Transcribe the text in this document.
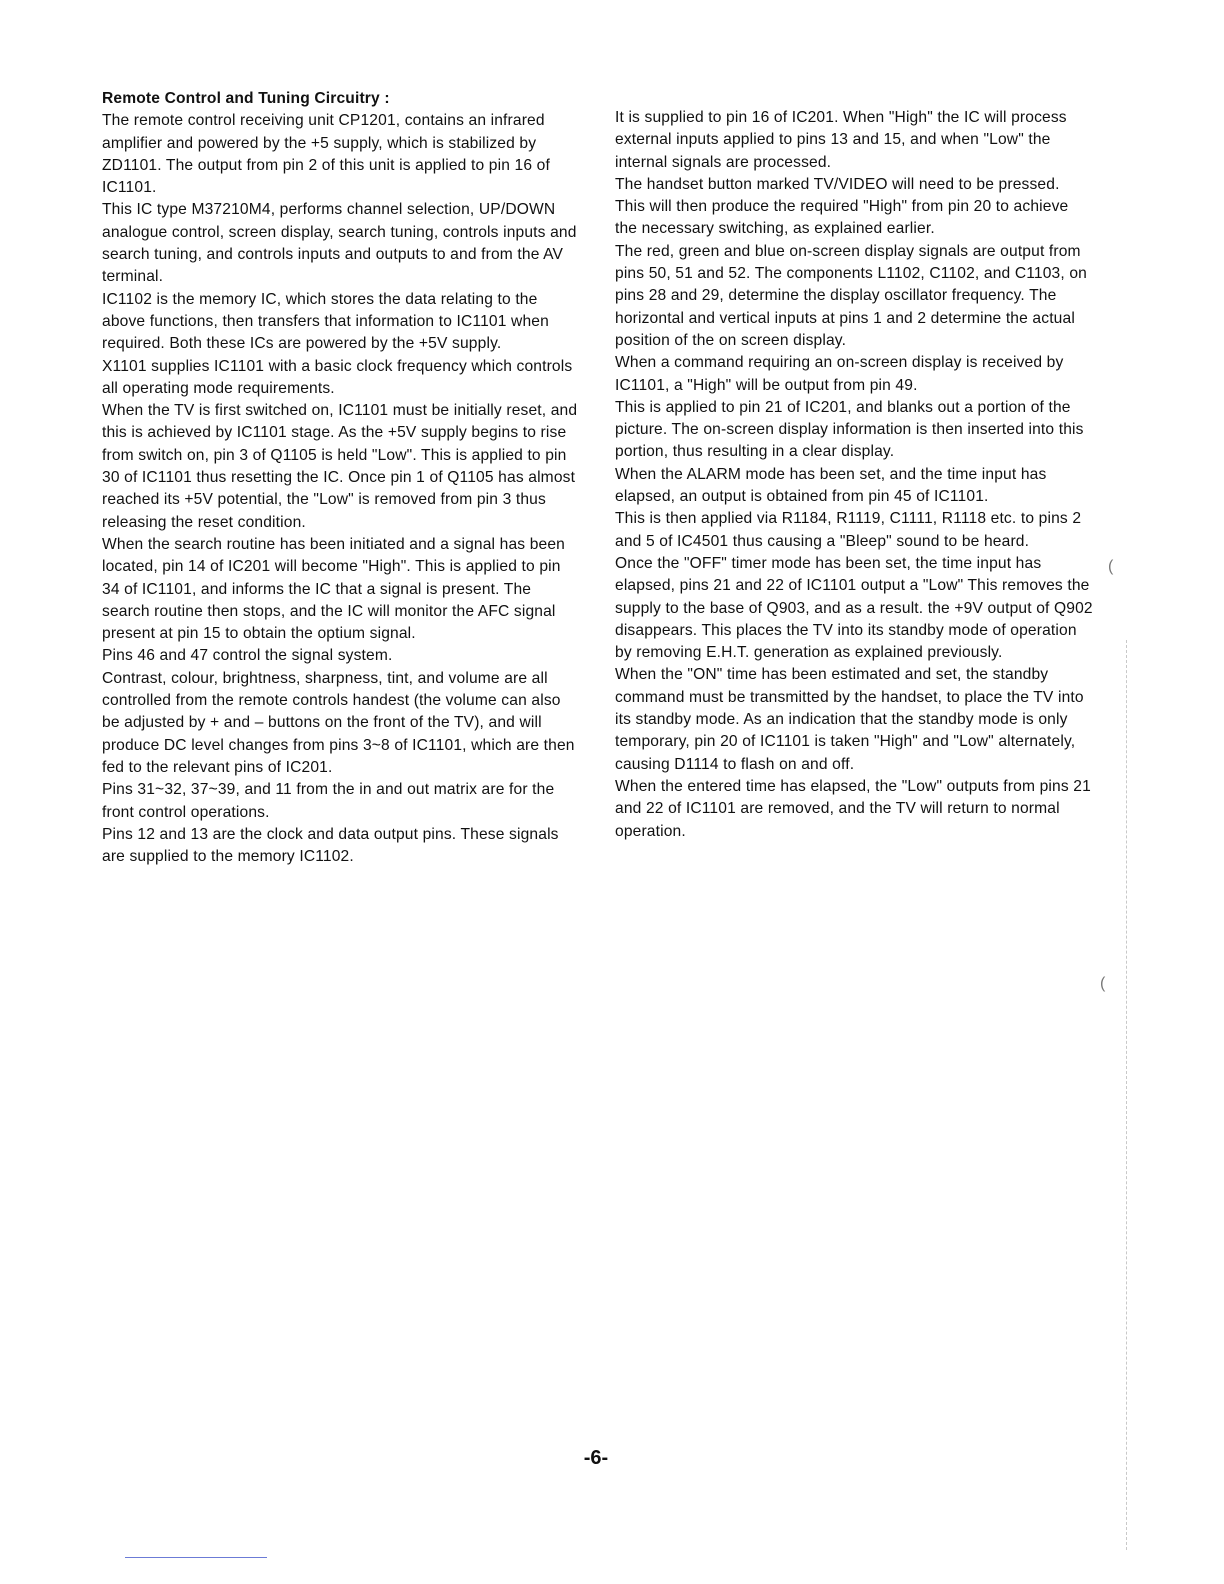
Remote Control and Tuning Circuitry :

The remote control receiving unit CP1201, contains an infrared amplifier and powered by the +5 supply, which is stabilized by ZD1101. The output from pin 2 of this unit is applied to pin 16 of IC1101.

This IC type M37210M4, performs channel selection, UP/DOWN analogue control, screen display, search tuning, controls inputs and search tuning, and controls inputs and outputs to and from the AV terminal.

IC1102 is the memory IC, which stores the data relating to the above functions, then transfers that information to IC1101 when required. Both these ICs are powered by the +5V supply.

X1101 supplies IC1101 with a basic clock frequency which controls all operating mode requirements.

When the TV is first switched on, IC1101 must be initially reset, and this is achieved by IC1101 stage. As the +5V supply begins to rise from switch on, pin 3 of Q1105 is held "Low". This is applied to pin 30 of IC1101 thus resetting the IC. Once pin 1 of Q1105 has almost reached its +5V potential, the "Low" is removed from pin 3 thus releasing the reset condition.

When the search routine has been initiated and a signal has been located, pin 14 of IC201 will become "High". This is applied to pin 34 of IC1101, and informs the IC that a signal is present. The search routine then stops, and the IC will monitor the AFC signal present at pin 15 to obtain the optium signal.

Pins 46 and 47 control the signal system.

Contrast, colour, brightness, sharpness, tint, and volume are all controlled from the remote controls handest (the volume can also be adjusted by + and – buttons on the front of the TV), and will produce DC level changes from pins 3~8 of IC1101, which are then fed to the relevant pins of IC201.

Pins 31~32, 37~39, and 11 from the in and out matrix are for the front control operations.

Pins 12 and 13 are the clock and data output pins. These signals are supplied to the memory IC1102.

It is supplied to pin 16 of IC201. When "High" the IC will process external inputs applied to pins 13 and 15, and when "Low" the internal signals are processed.

The handset button marked TV/VIDEO will need to be pressed. This will then produce the required "High" from pin 20 to achieve the necessary switching, as explained earlier.

The red, green and blue on-screen display signals are output from pins 50, 51 and 52. The components L1102, C1102, and C1103, on pins 28 and 29, determine the display oscillator frequency. The horizontal and vertical inputs at pins 1 and 2 determine the actual position of the on screen display.

When a command requiring an on-screen display is received by IC1101, a "High" will be output from pin 49.

This is applied to pin 21 of IC201, and blanks out a portion of the picture. The on-screen display information is then inserted into this portion, thus resulting in a clear display.

When the ALARM mode has been set, and the time input has elapsed, an output is obtained from pin 45 of IC1101.

This is then applied via R1184, R1119, C1111, R1118 etc. to pins 2 and 5 of IC4501 thus causing a "Bleep" sound to be heard.

Once the "OFF" timer mode has been set, the time input has elapsed, pins 21 and 22 of IC1101 output a "Low" This removes the supply to the base of Q903, and as a result. the +9V output of Q902 disappears. This places the TV into its standby mode of operation by removing E.H.T. generation as explained previously.

When the "ON" time has been estimated and set, the standby command must be transmitted by the handset, to place the TV into its standby mode. As an indication that the standby mode is only temporary, pin 20 of IC1101 is taken "High" and "Low" alternately, causing D1114 to flash on and off.

When the entered time has elapsed, the "Low" outputs from pins 21 and 22 of IC1101 are removed, and the TV will return to normal operation.

-6-
(
(
